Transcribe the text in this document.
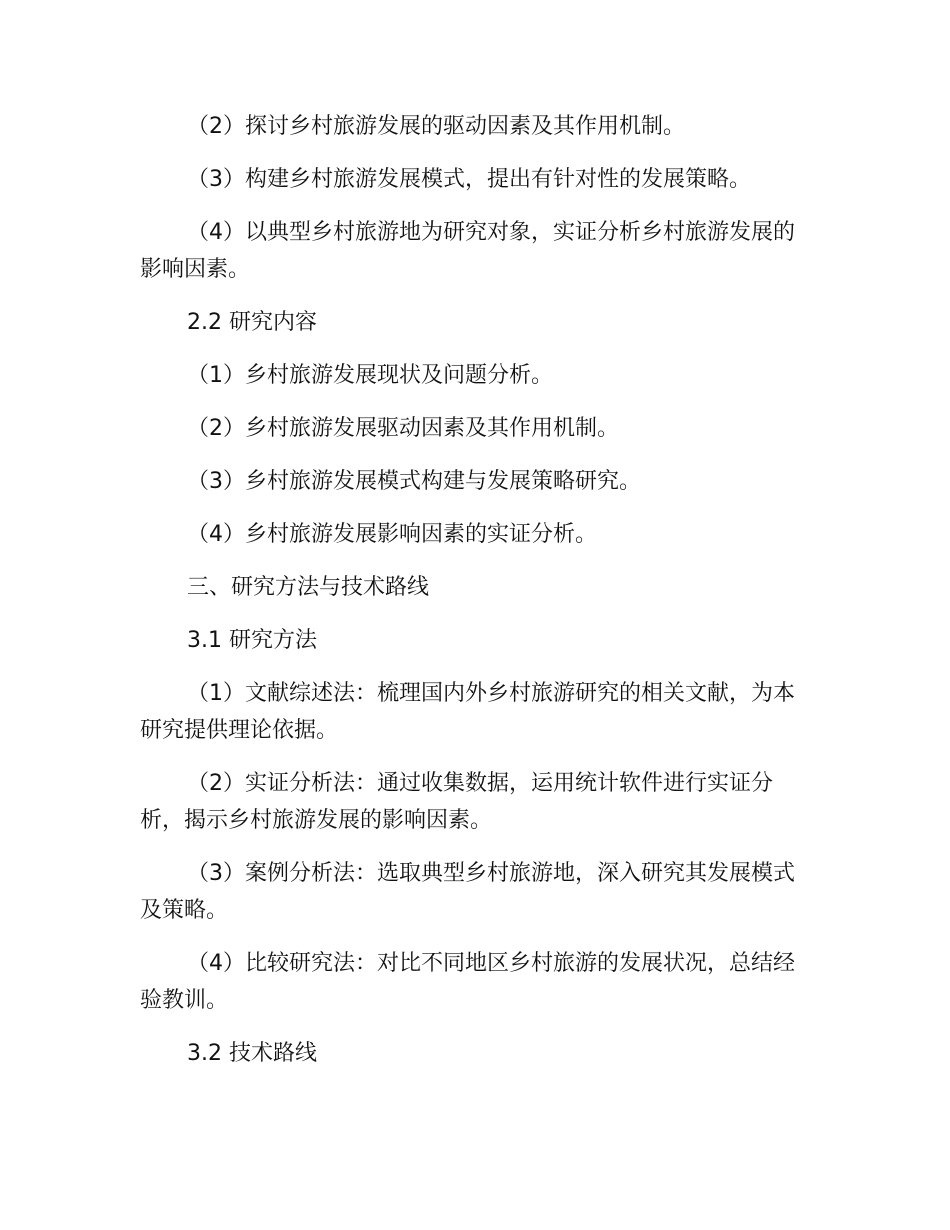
（2）探讨乡村旅游发展的驱动因素及其作用机制。

（3）构建乡村旅游发展模式，提出有针对性的发展策略。

（4）以典型乡村旅游地为研究对象，实证分析乡村旅游发展的影响因素。

2.2 研究内容

（1）乡村旅游发展现状及问题分析。

（2）乡村旅游发展驱动因素及其作用机制。

（3）乡村旅游发展模式构建与发展策略研究。

（4）乡村旅游发展影响因素的实证分析。

三、研究方法与技术路线

3.1 研究方法

（1）文献综述法：梳理国内外乡村旅游研究的相关文献，为本研究提供理论依据。

（2）实证分析法：通过收集数据，运用统计软件进行实证分析，揭示乡村旅游发展的影响因素。

（3）案例分析法：选取典型乡村旅游地，深入研究其发展模式及策略。

（4）比较研究法：对比不同地区乡村旅游的发展状况，总结经验教训。

3.2 技术路线
